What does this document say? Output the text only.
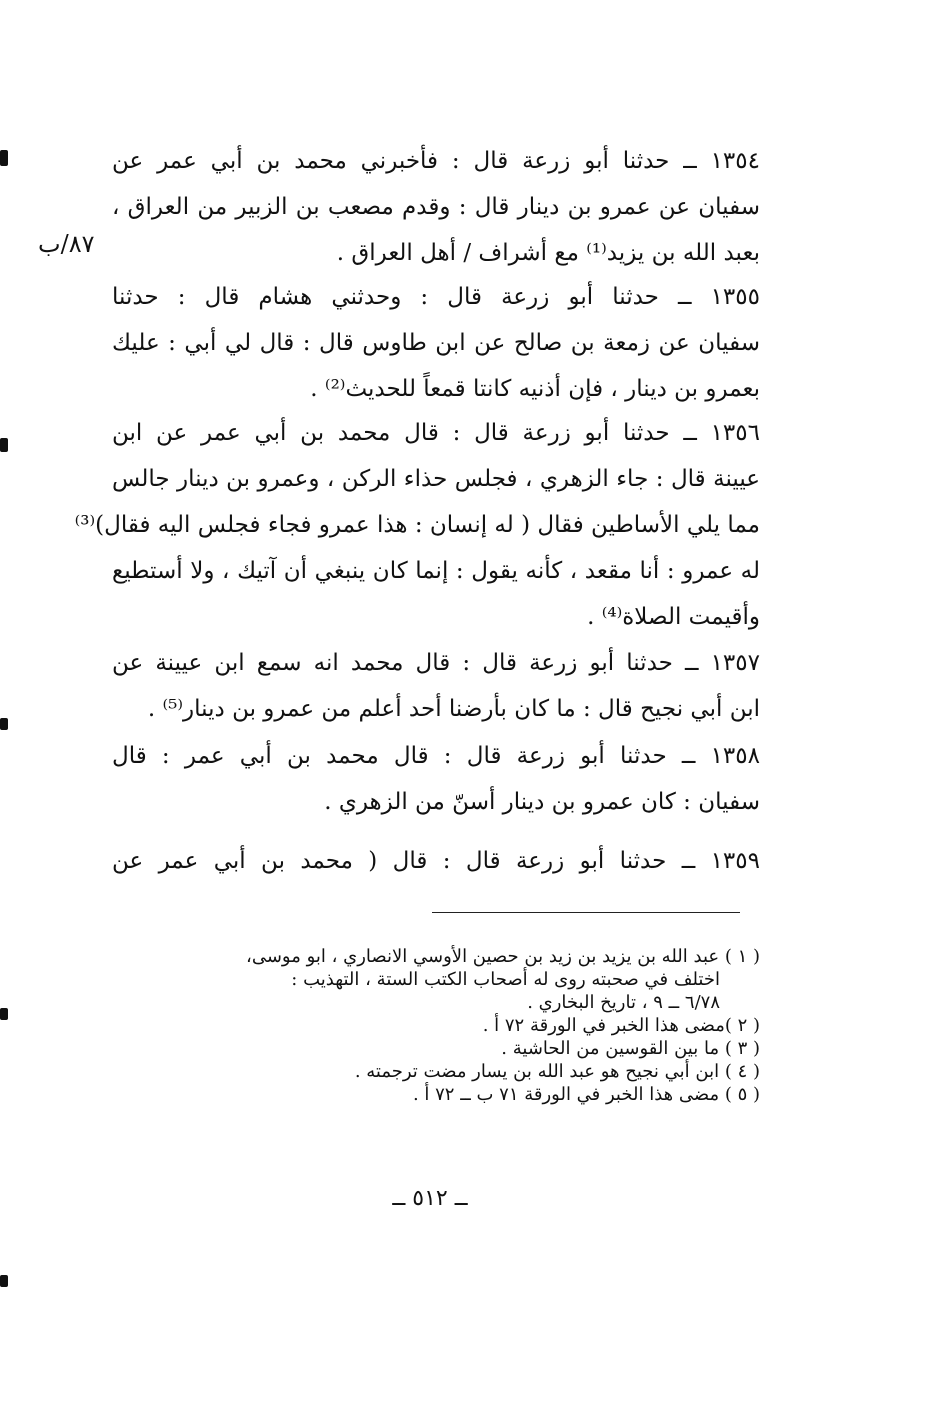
٨٧/ب
١٣٥٤ ــ حدثنا أبو زرعة قال : فأخبرني محمد بن أبي عمر عن
سفيان عن عمرو بن دينار قال : وقدم مصعب بن الزبير من العراق ،
بعبد الله بن يزيد⁽¹⁾ مع أشراف / أهل العراق .
١٣٥٥ ــ حدثنا أبو زرعة قال : وحدثني هشام قال : حدثنا
سفيان عن زمعة بن صالح عن ابن طاوس قال : قال لي أبي : عليك
بعمرو بن دينار ، فإن أذنيه كانتا قمعاً للحديث⁽²⁾ .
١٣٥٦ ــ حدثنا أبو زرعة قال : قال محمد بن أبي عمر عن ابن
عيينة قال : جاء الزهري ، فجلس حذاء الركن ، وعمرو بن دينار جالس
مما يلي الأساطين فقال ( له إنسان : هذا عمرو فجاء فجلس اليه فقال)⁽³⁾
له عمرو : أنا مقعد ، كأنه يقول : إنما كان ينبغي أن آتيك ، ولا أستطيع
وأقيمت الصلاة⁽⁴⁾ .
١٣٥٧ ــ حدثنا أبو زرعة قال : قال محمد انه سمع ابن عيينة عن
ابن أبي نجيح قال : ما كان بأرضنا أحد أعلم من عمرو بن دينار⁽⁵⁾ .
١٣٥٨ ــ حدثنا أبو زرعة قال : قال محمد بن أبي عمر : قال
سفيان : كان عمرو بن دينار أسنّ من الزهري .
١٣٥٩ ــ حدثنا أبو زرعة قال : قال ( محمد بن أبي عمر عن
( ١ ) عبد الله بن يزيد بن زيد بن حصين الأوسي الانصاري ، ابو موسى،
اختلف في صحبته روى له أصحاب الكتب الستة ، التهذيب :
٦/٧٨ ــ ٩ ، تاريخ البخاري .
( ٢ )مضى هذا الخبر في الورقة ٧٢ أ .
( ٣ ) ما بين القوسين من الحاشية .
( ٤ ) ابن أبي نجيح هو عبد الله بن يسار مضت ترجمته .
( ٥ ) مضى هذا الخبر في الورقة ٧١ ب ــ ٧٢ أ .
ــ ٥١٢ ــ
